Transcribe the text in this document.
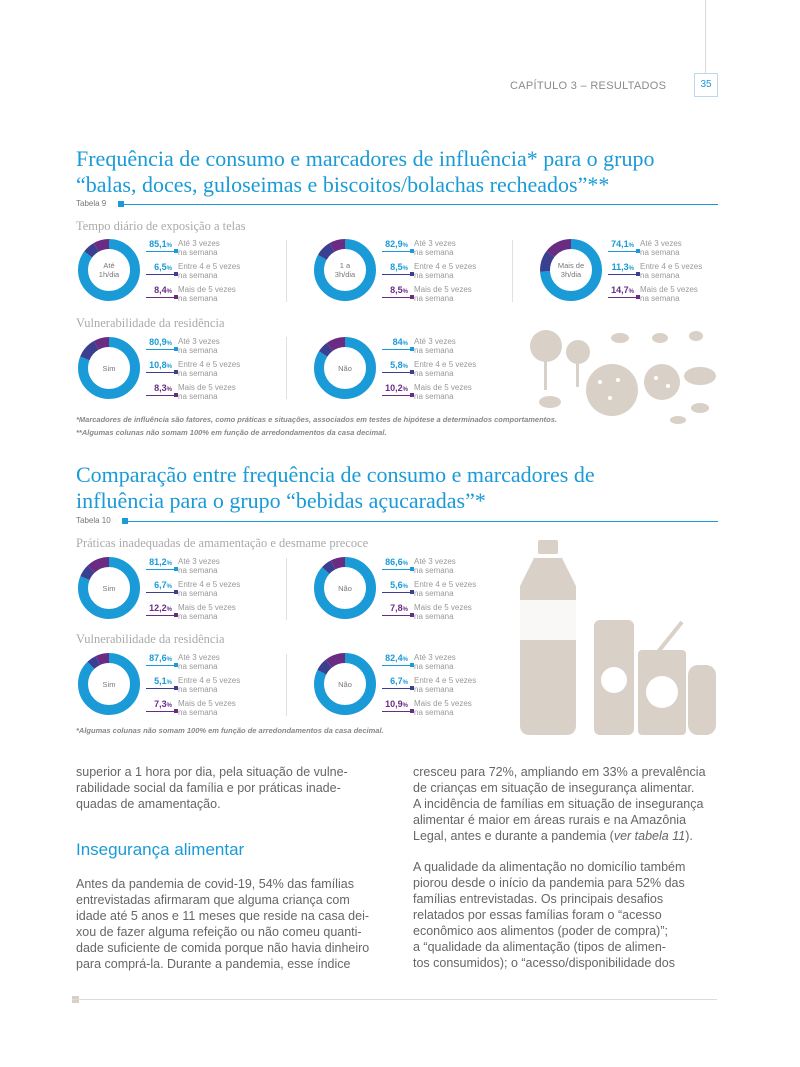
CAPÍTULO 3 – RESULTADOS	35
Frequência de consumo e marcadores de influência* para o grupo
“balas, doces, guloseimas e biscoitos/bolachas recheados”**
Tabela 9
Tempo diário de exposição a telas
Vulnerabilidade da residência
*Marcadores de influência são fatores, como práticas e situações, associados em testes de hipótese a determinados comportamentos.
**Algumas colunas não somam 100% em função de arredondamentos da casa decimal.
Comparação entre frequência de consumo e marcadores de
influência para o grupo “bebidas açucaradas”*
Tabela 10
Práticas inadequadas de amamentação e desmame precoce
Vulnerabilidade da residência
*Algumas colunas não somam 100% em função de arredondamentos da casa decimal.
Até
1h/dia
85,1% Até 3 vezes
na semana
6,5% Entre 4 e 5 vezes
na semana
8,4% Mais de 5 vezes
na semana
1 a
3h/dia
82,9% Até 3 vezes
na semana
8,5% Entre 4 e 5 vezes
na semana
8,5% Mais de 5 vezes
na semana
Mais de
3h/dia
74,1% Até 3 vezes
na semana
11,3% Entre 4 e 5 vezes
na semana
14,7% Mais de 5 vezes
na semana
Sim
80,9% Até 3 vezes
na semana
10,8% Entre 4 e 5 vezes
na semana
8,3% Mais de 5 vezes
na semana
Não
84% Até 3 vezes
na semana
5,8% Entre 4 e 5 vezes
na semana
10,2% Mais de 5 vezes
na semana
Sim
81,2% Até 3 vezes
na semana
6,7% Entre 4 e 5 vezes
na semana
12,2% Mais de 5 vezes
na semana
Não
86,6% Até 3 vezes
na semana
5,6% Entre 4 e 5 vezes
na semana
7,8% Mais de 5 vezes
na semana
Sim
87,6% Até 3 vezes
na semana
5,1% Entre 4 e 5 vezes
na semana
7,3% Mais de 5 vezes
na semana
Não
82,4% Até 3 vezes
na semana
6,7% Entre 4 e 5 vezes
na semana
10,9% Mais de 5 vezes
na semana
superior a 1 hora por dia, pela situação de vulne-
rabilidade social da família e por práticas inade-
quadas de amamentação.
Insegurança alimentar
Antes da pandemia de covid-19, 54% das famílias
entrevistadas afirmaram que alguma criança com
idade até 5 anos e 11 meses que reside na casa dei-
xou de fazer alguma refeição ou não comeu quanti-
dade suficiente de comida porque não havia dinheiro
para comprá-la. Durante a pandemia, esse índice
cresceu para 72%, ampliando em 33% a prevalência
de crianças em situação de insegurança alimentar.
A incidência de famílias em situação de insegurança
alimentar é maior em áreas rurais e na Amazônia
Legal, antes e durante a pandemia (ver tabela 11).
A qualidade da alimentação no domicílio também
piorou desde o início da pandemia para 52% das
famílias entrevistadas. Os principais desafios
relatados por essas famílias foram o “acesso
econômico aos alimentos (poder de compra)”;
a “qualidade da alimentação (tipos de alimen-
tos consumidos); o “acesso/disponibilidade dos
